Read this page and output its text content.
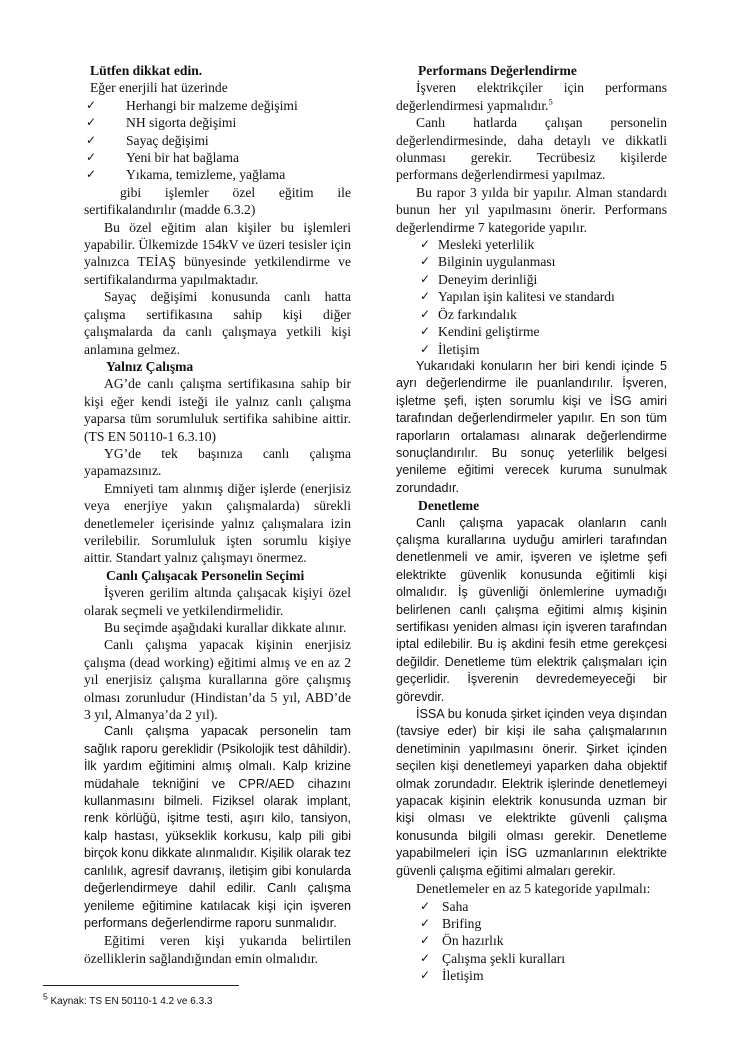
Lütfen dikkat edin.

Eğer enerjili hat üzerinde

✓ Herhangi bir malzeme değişimi
✓ NH sigorta değişimi
✓ Sayaç değişimi
✓ Yeni bir hat bağlama
✓ Yıkama, temizleme, yağlama

gibi işlemler özel eğitim ile sertifikalandırılır (madde 6.3.2)

Bu özel eğitim alan kişiler bu işlemleri yapabilir. Ülkemizde 154kV ve üzeri tesisler için yalnızca TEİAŞ bünyesinde yetkilendirme ve sertifikalandırma yapılmaktadır.

Sayaç değişimi konusunda canlı hatta çalışma sertifikasına sahip kişi diğer çalışmalarda da canlı çalışmaya yetkili kişi anlamına gelmez.

Yalnız Çalışma

AG’de canlı çalışma sertifikasına sahip bir kişi eğer kendi isteği ile yalnız canlı çalışma yaparsa tüm sorumluluk sertifika sahibine aittir. (TS EN 50110-1 6.3.10)

YG’de tek başınıza canlı çalışma yapamazsınız.

Emniyeti tam alınmış diğer işlerde (enerjisiz veya enerjiye yakın çalışmalarda) sürekli denetlemeler içerisinde yalnız çalışmalara izin verilebilir. Sorumluluk işten sorumlu kişiye aittir. Standart yalnız çalışmayı önermez.

Canlı Çalışacak Personelin Seçimi

İşveren gerilim altında çalışacak kişiyi özel olarak seçmeli ve yetkilendirmelidir.

Bu seçimde aşağıdaki kurallar dikkate alınır.

Canlı çalışma yapacak kişinin enerjisiz çalışma (dead working) eğitimi almış ve en az 2 yıl enerjisiz çalışma kurallarına göre çalışmış olması zorunludur (Hindistan’da 5 yıl, ABD’de 3 yıl, Almanya’da 2 yıl).

Canlı çalışma yapacak personelin tam sağlık raporu gereklidir (Psikolojik test dâhildir). İlk yardım eğitimini almış olmalı. Kalp krizine müdahale tekniğini ve CPR/AED cihazını kullanmasını bilmeli. Fiziksel olarak implant, renk körlüğü, işitme testi, aşırı kilo, tansiyon, kalp hastası, yükseklik korkusu, kalp pili gibi birçok konu dikkate alınmalıdır. Kişilik olarak tez canlılık, agresif davranış, iletişim gibi konularda değerlendirmeye dahil edilir. Canlı çalışma yenileme eğitimine katılacak kişi için işveren performans değerlendirme raporu sunmalıdır.

Eğitimi veren kişi yukarıda belirtilen özelliklerin sağlandığından emin olmalıdır.

Performans Değerlendirme

İşveren elektrikçiler için performans değerlendirmesi yapmalıdır.$^5$

Canlı hatlarda çalışan personelin değerlendirmesinde, daha detaylı ve dikkatli olunması gerekir. Tecrübesiz kişilerde performans değerlendirmesi yapılmaz.

Bu rapor 3 yılda bir yapılır. Alman standardı bunun her yıl yapılmasını önerir. Performans değerlendirme 7 kategoride yapılır.

✓ Mesleki yeterlilik
✓ Bilginin uygulanması
✓ Deneyim derinliği
✓ Yapılan işin kalitesi ve standardı
✓ Öz farkındalık
✓ Kendini geliştirme
✓ İletişim

Yukarıdaki konuların her biri kendi içinde 5 ayrı değerlendirme ile puanlandırılır. İşveren, işletme şefi, işten sorumlu kişi ve İSG amiri tarafından değerlendirmeler yapılır. En son tüm raporların ortalaması alınarak değerlendirme sonuçlandırılır. Bu sonuç yeterlilik belgesi yenileme eğitimi verecek kuruma sunulmak zorundadır.

Denetleme

Canlı çalışma yapacak olanların canlı çalışma kurallarına uyduğu amirleri tarafından denetlenmeli ve amir, işveren ve işletme şefi elektrikte güvenlik konusunda eğitimli kişi olmalıdır. İş güvenliği önlemlerine uymadığı belirlenen canlı çalışma eğitimi almış kişinin sertifikası yeniden alması için işveren tarafından iptal edilebilir. Bu iş akdini fesih etme gerekçesi değildir. Denetleme tüm elektrik çalışmaları için geçerlidir. İşverenin devredemeyeceği bir görevdir.

İSSA bu konuda şirket içinden veya dışından (tavsiye eder) bir kişi ile saha çalışmalarının denetiminin yapılmasını önerir. Şirket içinden seçilen kişi denetlemeyi yaparken daha objektif olmak zorundadır. Elektrik işlerinde denetlemeyi yapacak kişinin elektrik konusunda uzman bir kişi olması ve elektrikte güvenli çalışma konusunda bilgili olması gerekir. Denetleme yapabilmeleri için İSG uzmanlarının elektrikte güvenli çalışma eğitimi almaları gerekir.

Denetlemeler en az 5 kategoride yapılmalı:

✓ Saha
✓ Brifing
✓ Ön hazırlık
✓ Çalışma şekli kuralları
✓ İletişim
$^5$ Kaynak: TS EN 50110-1 4.2 ve 6.3.3
